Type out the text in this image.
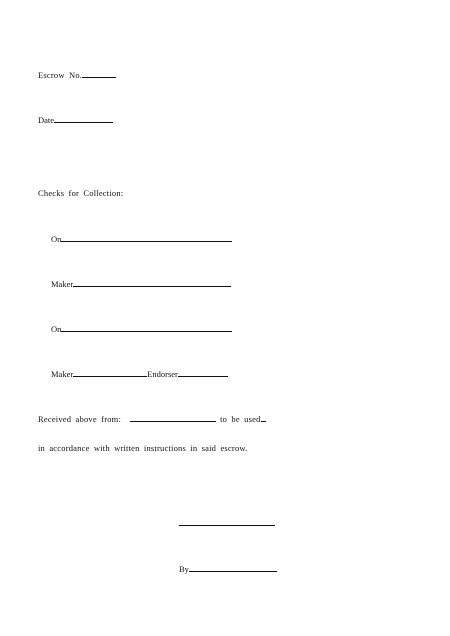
Escrow No.
Date
Checks for Collection:
On
Maker
On
Maker	Endorser
Received above from:	to be used
in accordance with written instructions in said escrow.
By
